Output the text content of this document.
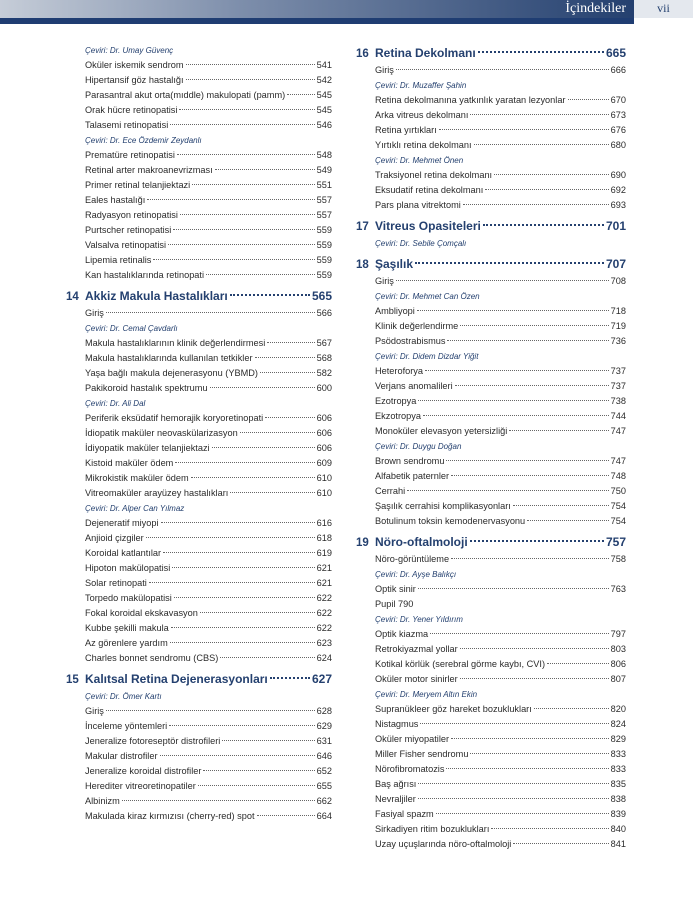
İçindekiler	vii
Çeviri: Dr. Umay Güvenç
Oküler iskemik sendrom	541
Hipertansif göz hastalığı	542
Parasantral akut orta(mıddle) makulopati (pamm)	545
Orak hücre retinopatisi	545
Talasemi retinopatisi	546
Çeviri: Dr. Ece Özdemir Zeydanlı
Prematüre retinopatisi	548
Retinal arter makroanevrizması	549
Primer retinal telanjiektazi	551
Eales hastalığı	557
Radyasyon retinopatisi	557
Purtscher retinopatisi	559
Valsalva retinopatisi	559
Lipemia retinalis	559
Kan hastalıklarında retinopati	559
14 Akkiz Makula Hastalıkları	565
Giriş	566
Çeviri: Dr. Cemal Çavdarlı
Makula hastalıklarının klinik değerlendirmesi	567
Makula hastalıklarında kullanılan tetkikler	568
Yaşa bağlı makula dejenerasyonu (YBMD)	582
Pakikoroid hastalık spektrumu	600
Çeviri: Dr. Ali Dal
Periferik eksüdatif hemorajik koryoretinopati	606
İdiopatik maküler neovaskülarizasyon	606
İdiyopatik maküler telanjiektazi	606
Kistoid maküler ödem	609
Mikrokistik maküler ödem	610
Vitreomaküler arayüzey hastalıkları	610
Çeviri: Dr. Alper Can Yılmaz
Dejeneratif miyopi	616
Anjioid çizgiler	618
Koroidal katlantılar	619
Hipoton makülopatisi	621
Solar retinopati	621
Torpedo makülopatisi	622
Fokal koroidal ekskavasyon	622
Kubbe şekilli makula	622
Az görenlere yardım	623
Charles bonnet sendromu (CBS)	624
15 Kalıtsal Retina Dejenerasyonları	627
Çeviri: Dr. Ömer Kartı
Giriş	628
İnceleme yöntemleri	629
Jeneralize fotoreseptör distrofileri	631
Makular distrofiler	646
Jeneralize koroidal distrofiler	652
Herediter vitreoretinopatiler	655
Albinizm	662
Makulada kiraz kırmızısı (cherry-red) spot	664
16 Retina Dekolmanı	665
Giriş	666
Çeviri: Dr. Muzaffer Şahin
Retina dekolmanına yatkınlık yaratan lezyonlar	670
Arka vitreus dekolmanı	673
Retina yırtıkları	676
Yırtıklı retina dekolmanı	680
Çeviri: Dr. Mehmet Önen
Traksiyonel retina dekolmanı	690
Eksudatif retina dekolmanı	692
Pars plana vitrektomi	693
17 Vitreus Opasiteleri	701
Çeviri: Dr. Sebile Çomçalı
18 Şaşılık	707
Giriş	708
Çeviri: Dr. Mehmet Can Özen
Ambliyopi	718
Klinik değerlendirme	719
Psödostrabismus	736
Çeviri: Dr. Didem Dizdar Yiğit
Heteroforya	737
Verjans anomalileri	737
Ezotropya	738
Ekzotropya	744
Monoküler elevasyon yetersizliği	747
Çeviri: Dr. Duygu Doğan
Brown sendromu	747
Alfabetik paternler	748
Cerrahi	750
Şaşılık cerrahisi komplikasyonları	754
Botulinum toksin kemodenervasyonu	754
19 Nöro-oftalmoloji	757
Nöro-görüntüleme	758
Çeviri: Dr. Ayşe Balıkçı
Optik sinir	763
Pupil 790
Çeviri: Dr. Yener Yıldırım
Optik kiazma	797
Retrokiyazmal yollar	803
Kotikal körlük (serebral görme kaybı, CVI)	806
Oküler motor sinirler	807
Çeviri: Dr. Meryem Altın Ekin
Supranükleer göz hareket bozuklukları	820
Nistagmus	824
Oküler miyopatiler	829
Miller Fisher sendromu	833
Nörofibromatozis	833
Baş ağrısı	835
Nevraljiler	838
Fasiyal spazm	839
Sirkadiyen ritim bozuklukları	840
Uzay uçuşlarında nöro-oftalmoloji	841
